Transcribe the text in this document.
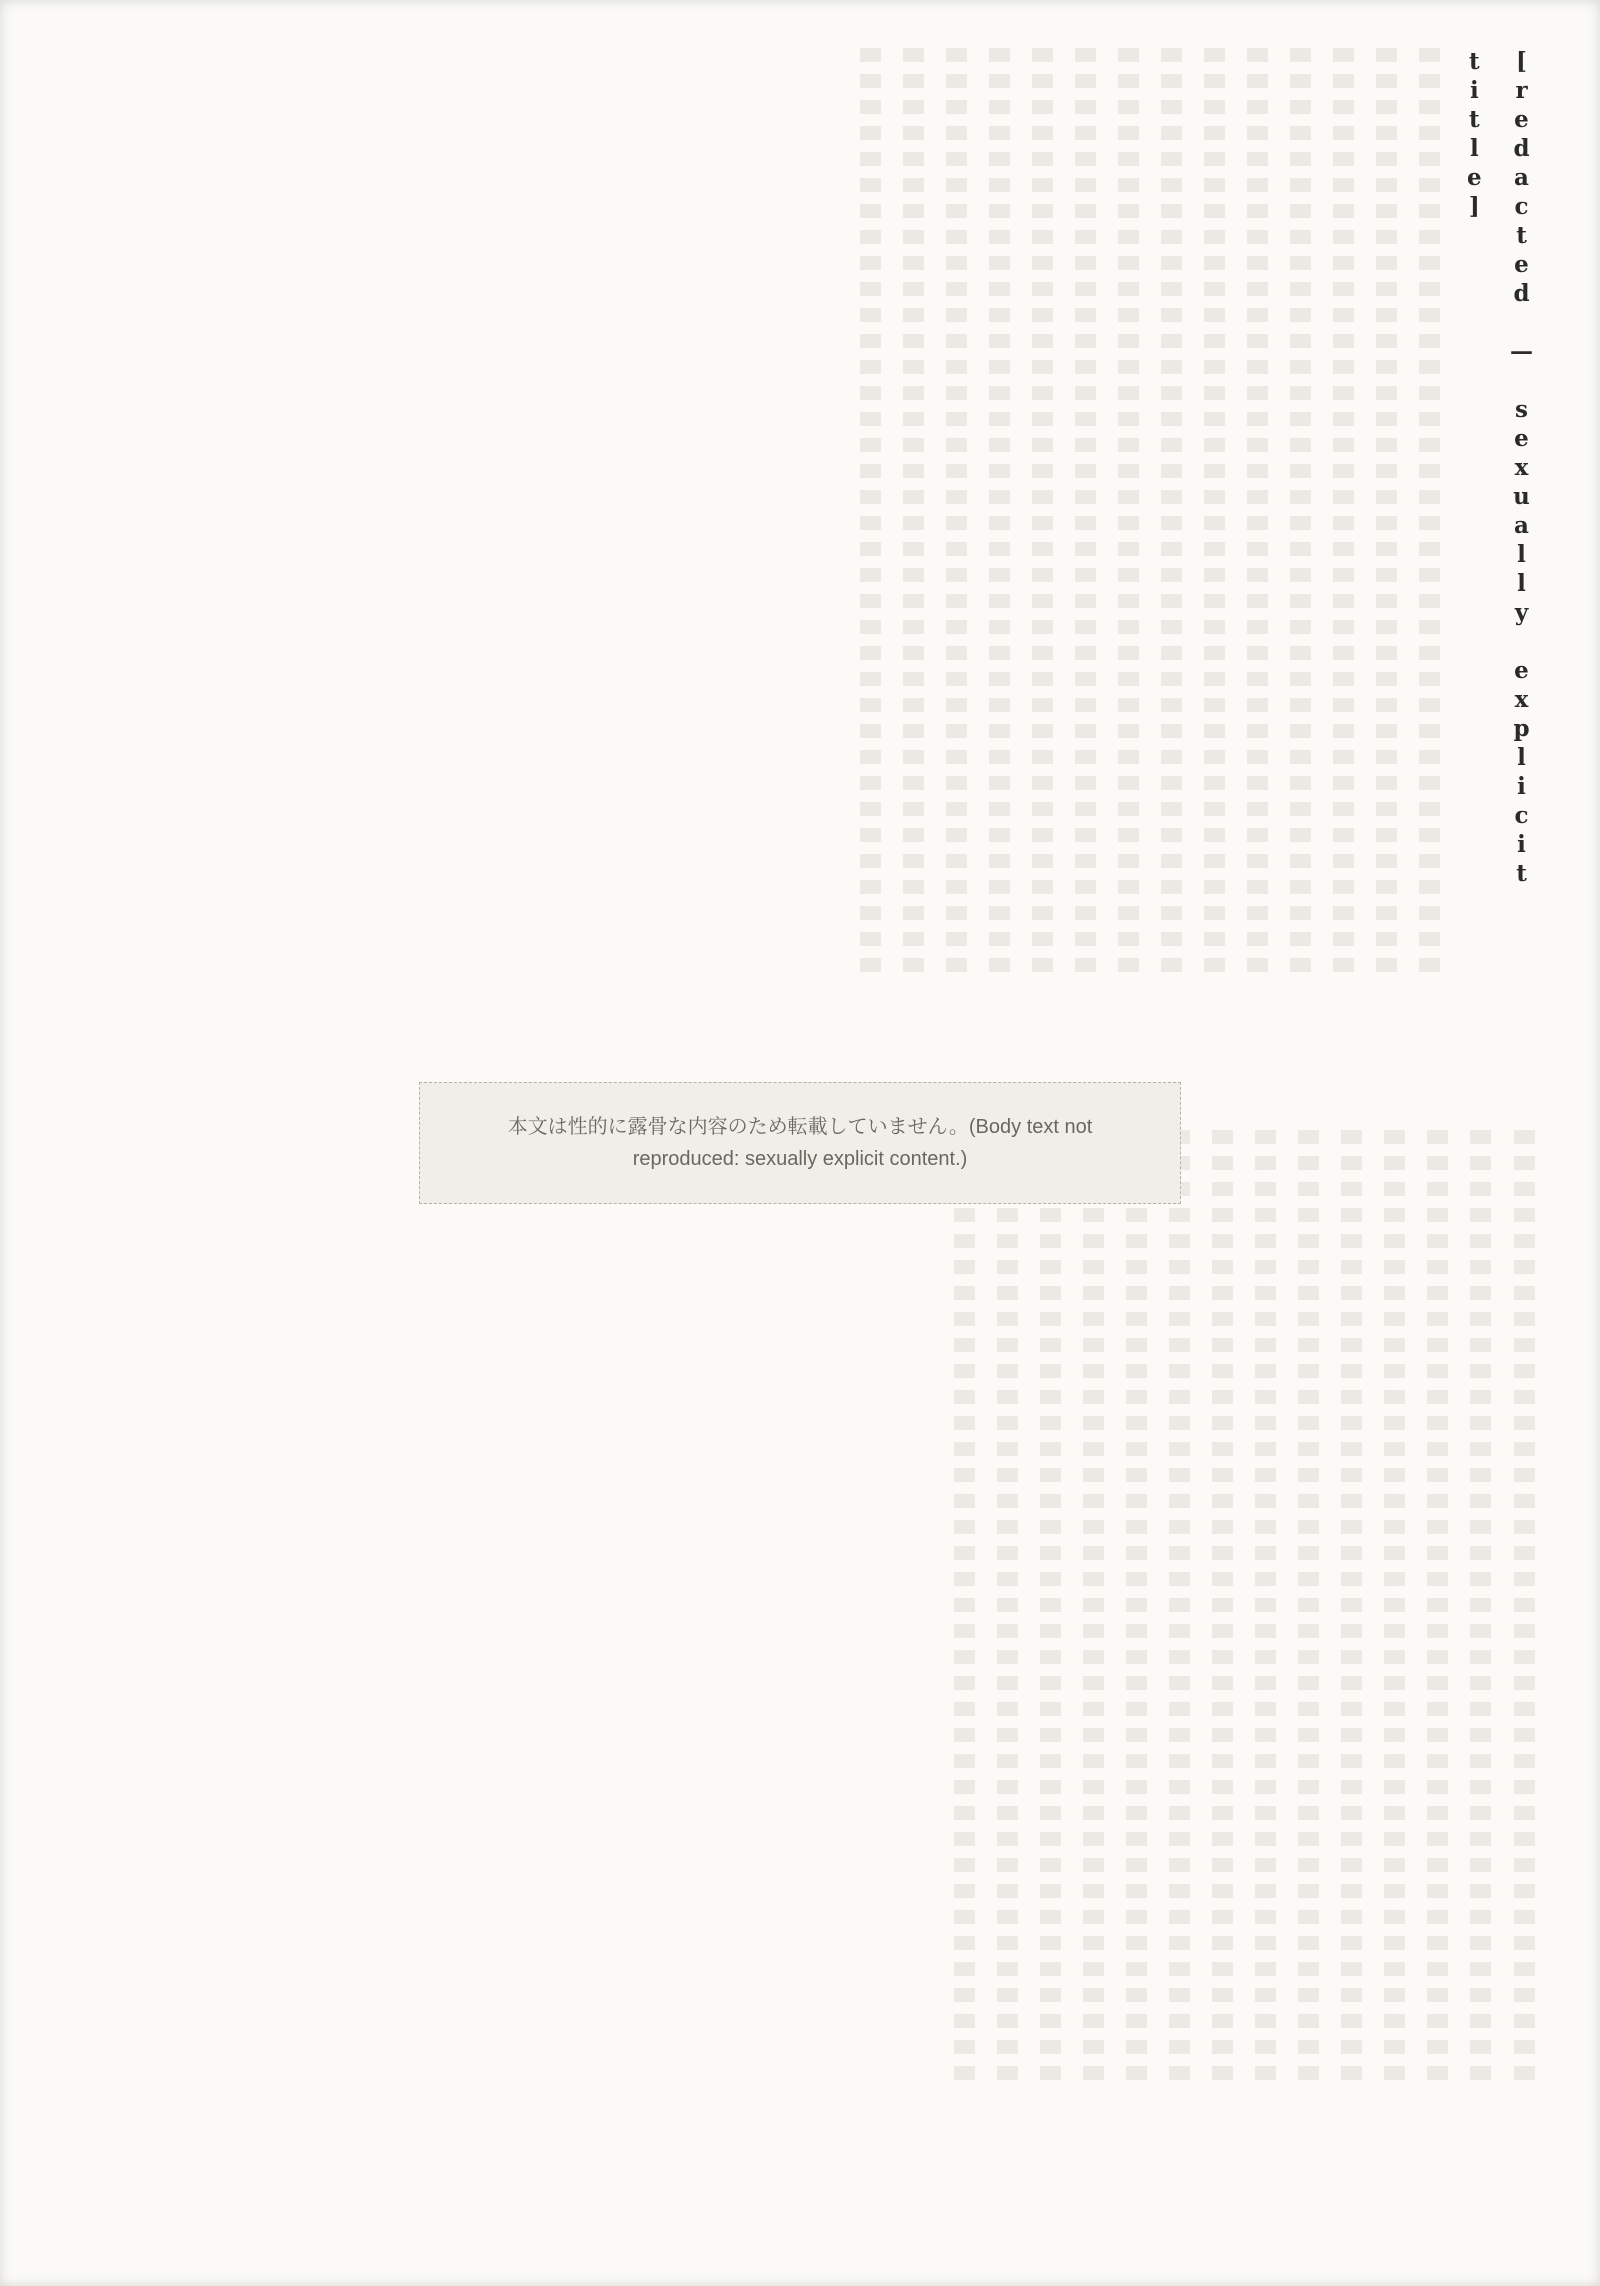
[redacted — sexually explicit title]

本文は性的に露骨な内容のため転載していません。(Body text not reproduced: sexually explicit content.)
